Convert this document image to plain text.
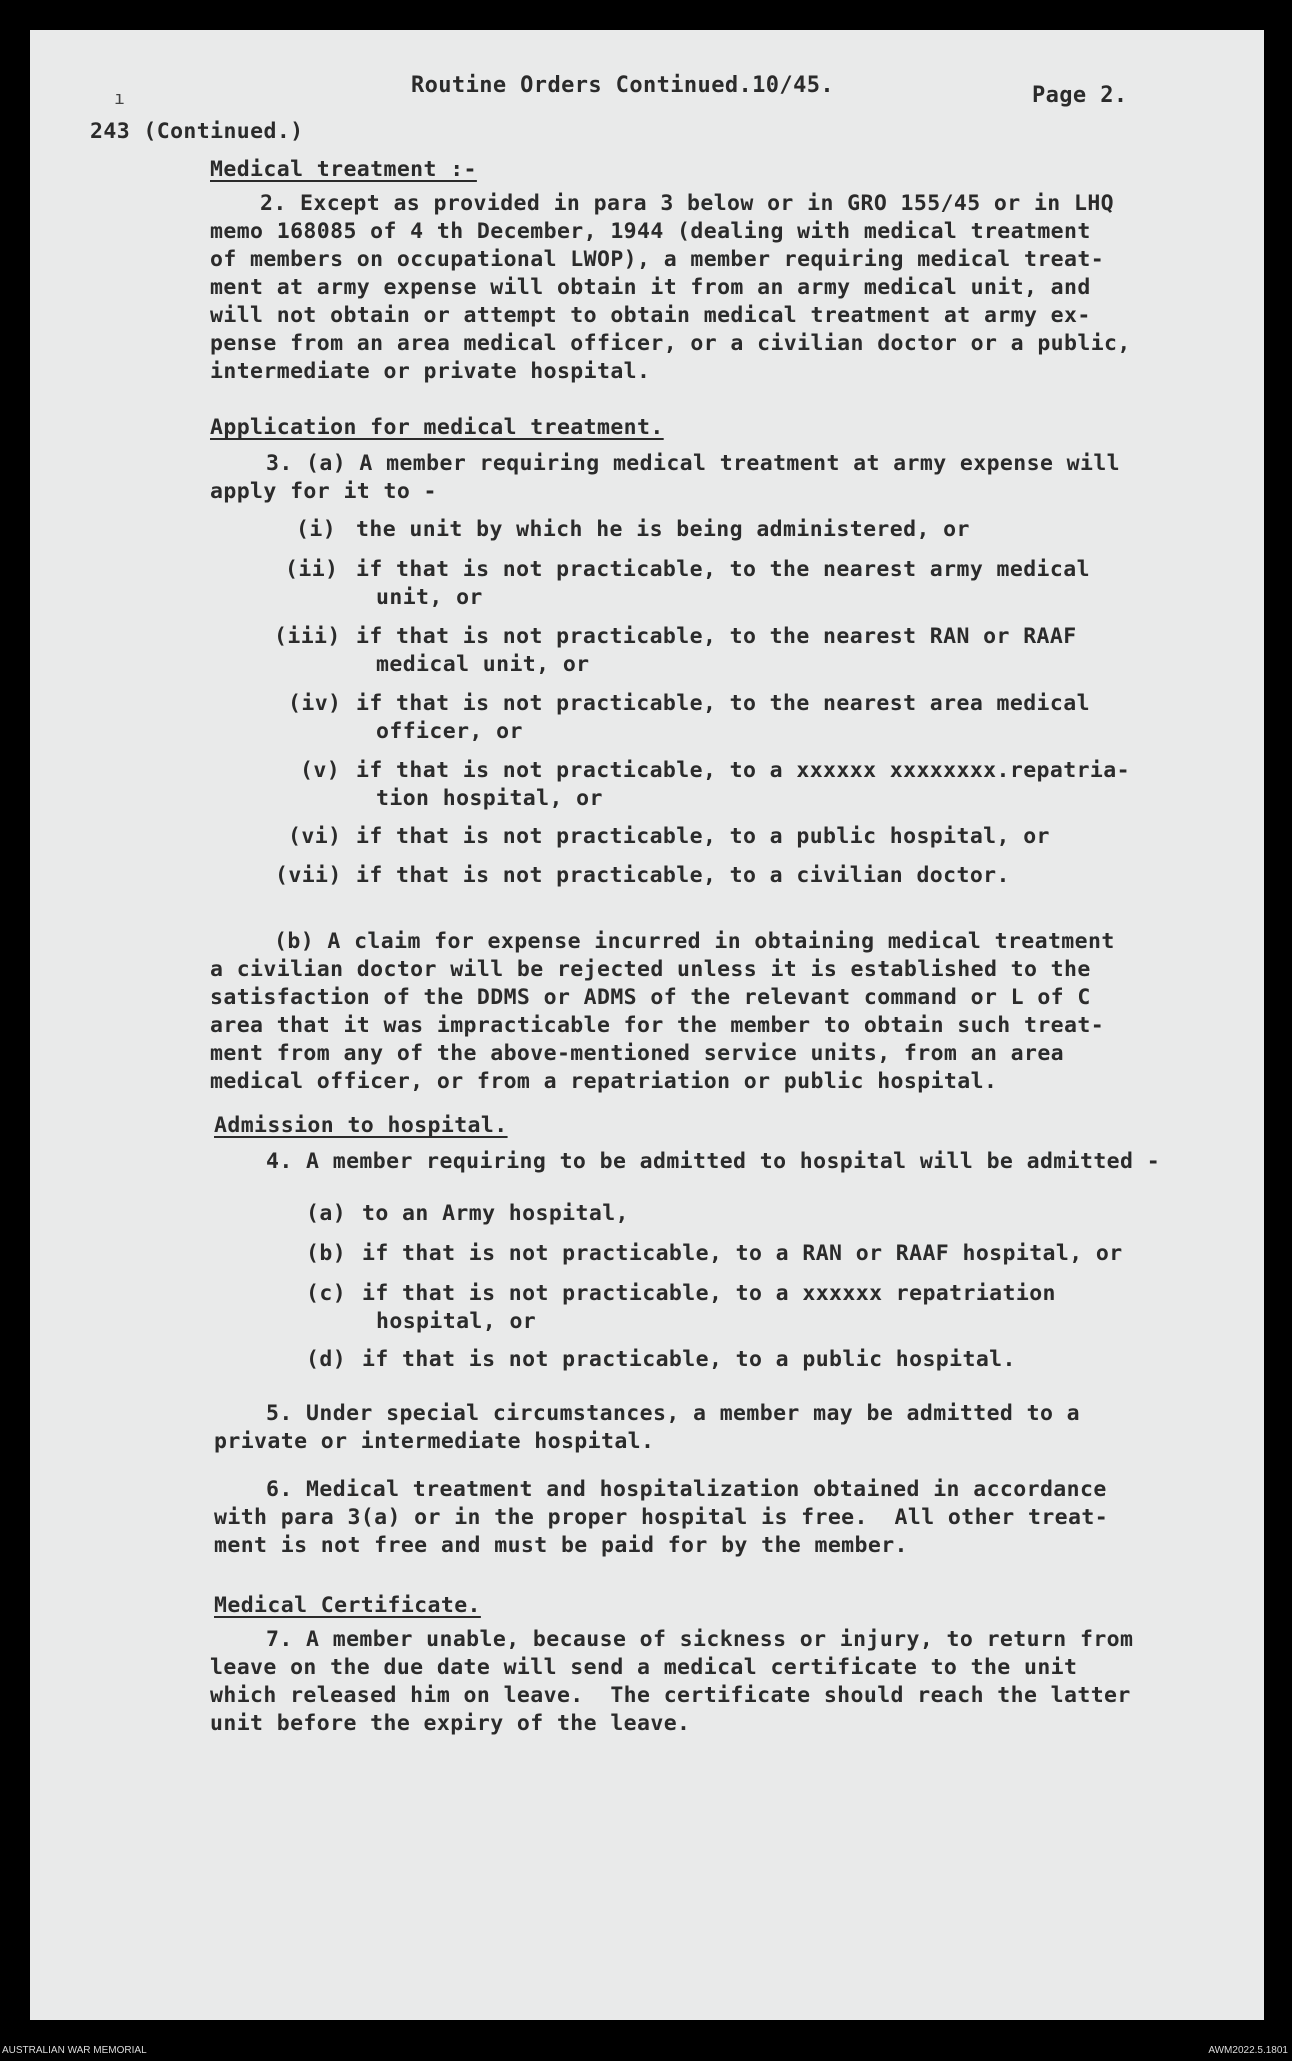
ı
Routine Orders Continued.10/45.	Page 2.
243 (Continued.)
Medical treatment :-
2. Except as provided in para 3 below or in GRO 155/45 or in LHQ
memo 168085 of 4 th December, 1944 (dealing with medical treatment
of members on occupational LWOP), a member requiring medical treat-
ment at army expense will obtain it from an army medical unit, and
will not obtain or attempt to obtain medical treatment at army ex-
pense from an area medical officer, or a civilian doctor or a public,
intermediate or private hospital.
Application for medical treatment.
3. (a) A member requiring medical treatment at army expense will
apply for it to -
(i) the unit by which he is being administered, or
(ii) if that is not practicable, to the nearest army medical
unit, or
(iii) if that is not practicable, to the nearest RAN or RAAF
medical unit, or
(iv) if that is not practicable, to the nearest area medical
officer, or
(v) if that is not practicable, to a xxxxxx xxxxxxxx.repatria-
tion hospital, or
(vi) if that is not practicable, to a public hospital, or
(vii) if that is not practicable, to a civilian doctor.
(b) A claim for expense incurred in obtaining medical treatment
a civilian doctor will be rejected unless it is established to the
satisfaction of the DDMS or ADMS of the relevant command or L of C
area that it was impracticable for the member to obtain such treat-
ment from any of the above-mentioned service units, from an area
medical officer, or from a repatriation or public hospital.
Admission to hospital.
4. A member requiring to be admitted to hospital will be admitted -
(a) to an Army hospital,
(b) if that is not practicable, to a RAN or RAAF hospital, or
(c) if that is not practicable, to a xxxxxx repatriation
hospital, or
(d) if that is not practicable, to a public hospital.
5. Under special circumstances, a member may be admitted to a
private or intermediate hospital.
6. Medical treatment and hospitalization obtained in accordance
with para 3(a) or in the proper hospital is free.  All other treat-
ment is not free and must be paid for by the member.
Medical Certificate.
7. A member unable, because of sickness or injury, to return from
leave on the due date will send a medical certificate to the unit
which released him on leave.  The certificate should reach the latter
unit before the expiry of the leave.
AUSTRALIAN WAR MEMORIAL	AWM2022.5.1801
